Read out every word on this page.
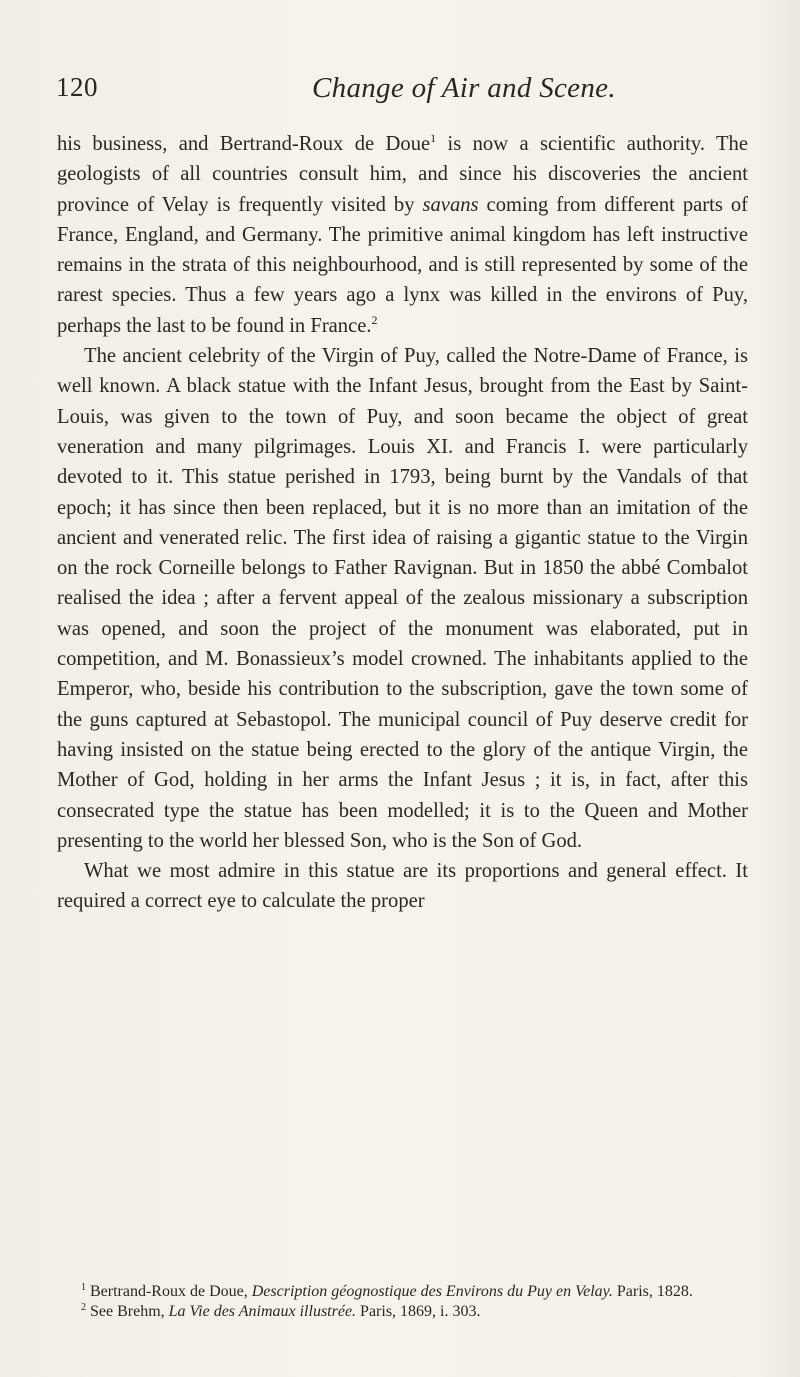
120	Change of Air and Scene.

his business, and Bertrand-Roux de Doue$^1$ is now a scientific authority. The geologists of all countries consult him, and since his discoveries the ancient province of Velay is frequently visited by savans coming from different parts of France, England, and Germany. The primitive animal kingdom has left instructive remains in the strata of this neighbourhood, and is still represented by some of the rarest species. Thus a few years ago a lynx was killed in the environs of Puy, perhaps the last to be found in France.$^2$

The ancient celebrity of the Virgin of Puy, called the Notre-Dame of France, is well known. A black statue with the Infant Jesus, brought from the East by Saint-Louis, was given to the town of Puy, and soon became the object of great veneration and many pilgrimages. Louis XI. and Francis I. were particularly devoted to it. This statue perished in 1793, being burnt by the Vandals of that epoch; it has since then been replaced, but it is no more than an imitation of the ancient and venerated relic. The first idea of raising a gigantic statue to the Virgin on the rock Corneille belongs to Father Ravignan. But in 1850 the abbé Combalot realised the idea ; after a fervent appeal of the zealous missionary a subscription was opened, and soon the project of the monument was elaborated, put in competition, and M. Bonassieux’s model crowned. The inhabitants applied to the Emperor, who, beside his contribution to the subscription, gave the town some of the guns captured at Sebastopol. The municipal council of Puy deserve credit for having insisted on the statue being erected to the glory of the antique Virgin, the Mother of God, holding in her arms the Infant Jesus ; it is, in fact, after this consecrated type the statue has been modelled; it is to the Queen and Mother presenting to the world her blessed Son, who is the Son of God.

What we most admire in this statue are its proportions and general effect. It required a correct eye to calculate the proper

$^1$ Bertrand-Roux de Doue, Description géognostique des Environs du Puy en Velay. Paris, 1828.

$^2$ See Brehm, La Vie des Animaux illustrée. Paris, 1869, i. 303.
